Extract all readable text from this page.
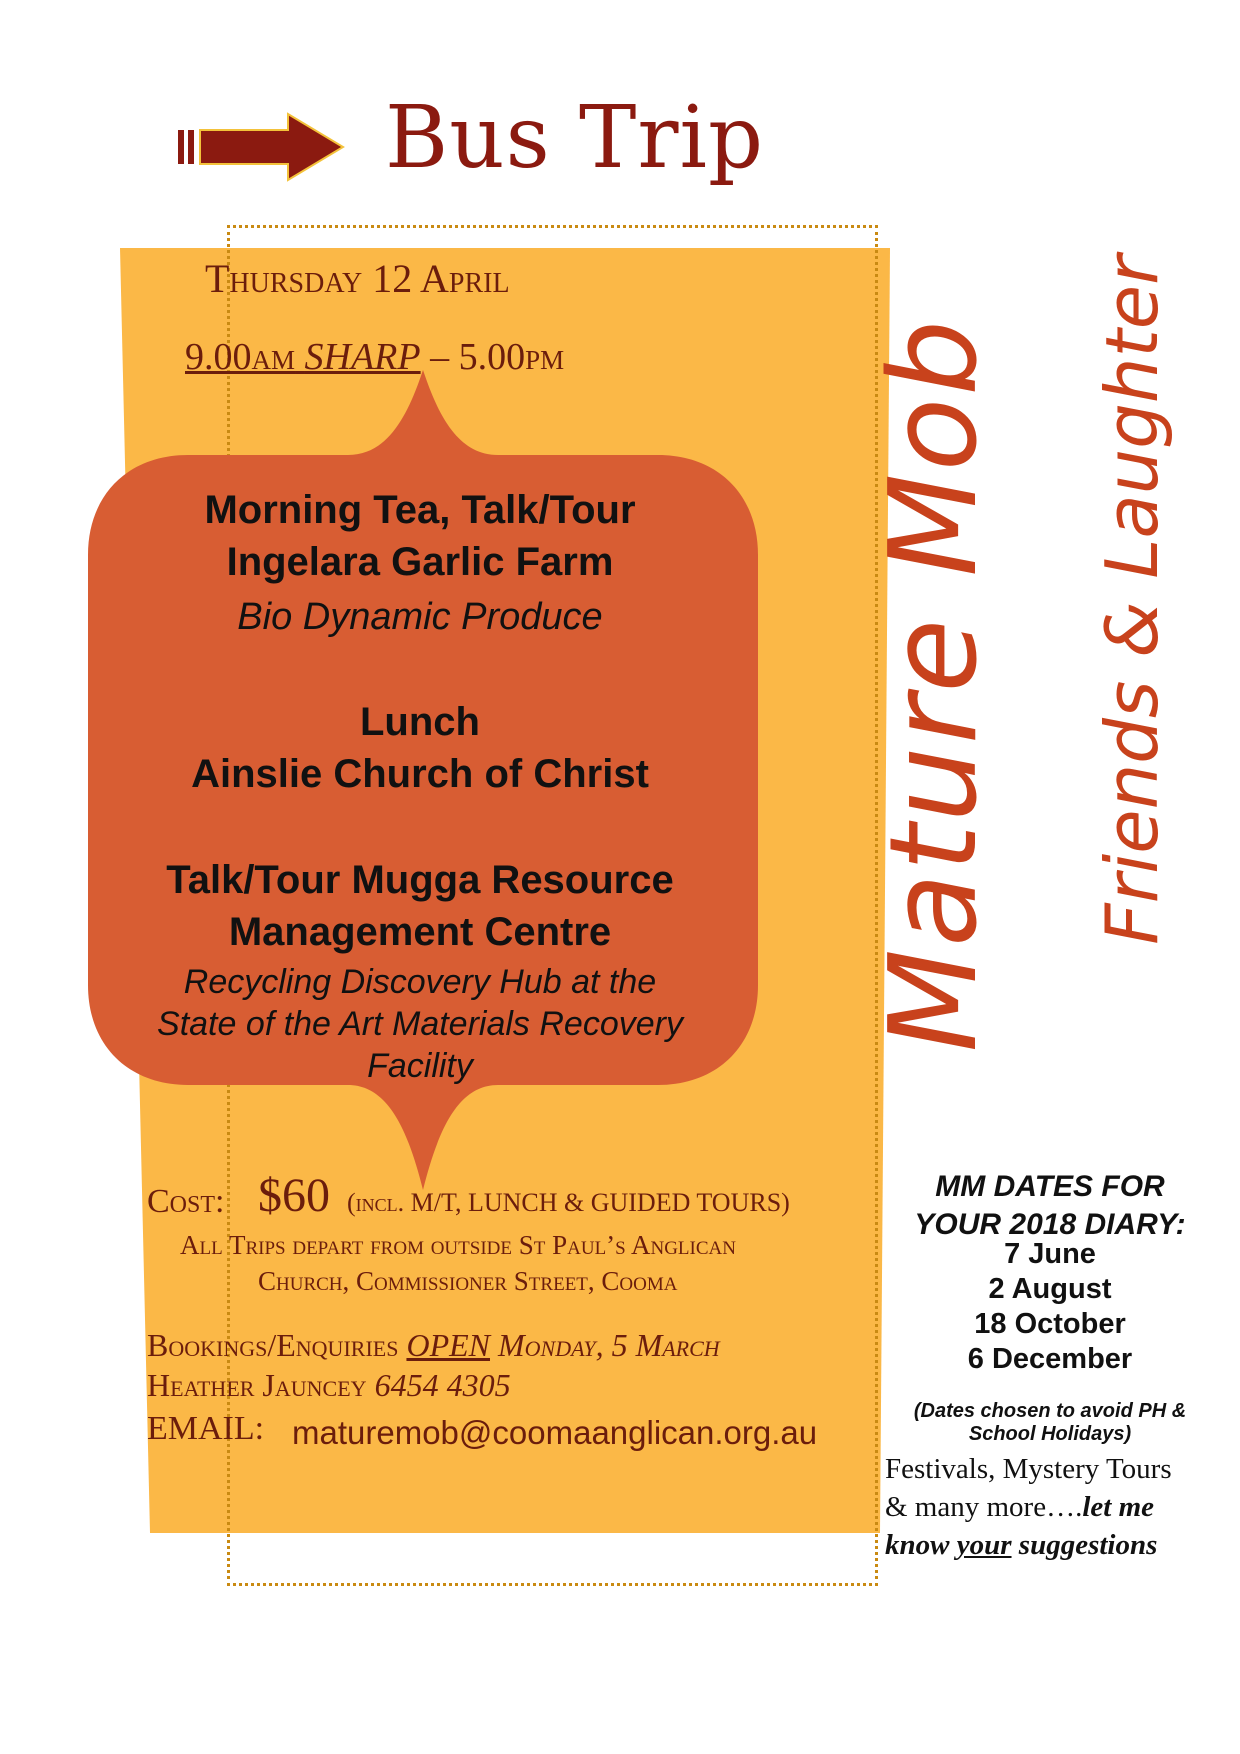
Bus Trip
Thursday 12 April
9.00am SHARP – 5.00pm
Morning Tea, Talk/Tour
Ingelara Garlic Farm
Bio Dynamic Produce
Lunch
Ainslie Church of Christ
Talk/Tour Mugga Resource
Management Centre
Recycling Discovery Hub at the
State of the Art Materials Recovery
Facility
Cost: $60 (incl. M/T, LUNCH & GUIDED TOURS)
All Trips depart from outside St Paul’s Anglican
Church, Commissioner Street, Cooma
Bookings/Enquiries OPEN Monday, 5 March
Heather Jauncey 6454 4305
EMAIL: maturemob@coomaanglican.org.au
Mature Mob Friends & Laughter
MM DATES FOR
YOUR 2018 DIARY:
7 June
2 August
18 October
6 December
(Dates chosen to avoid PH &
School Holidays)
Festivals, Mystery Tours
& many more….let me
know your suggestions
